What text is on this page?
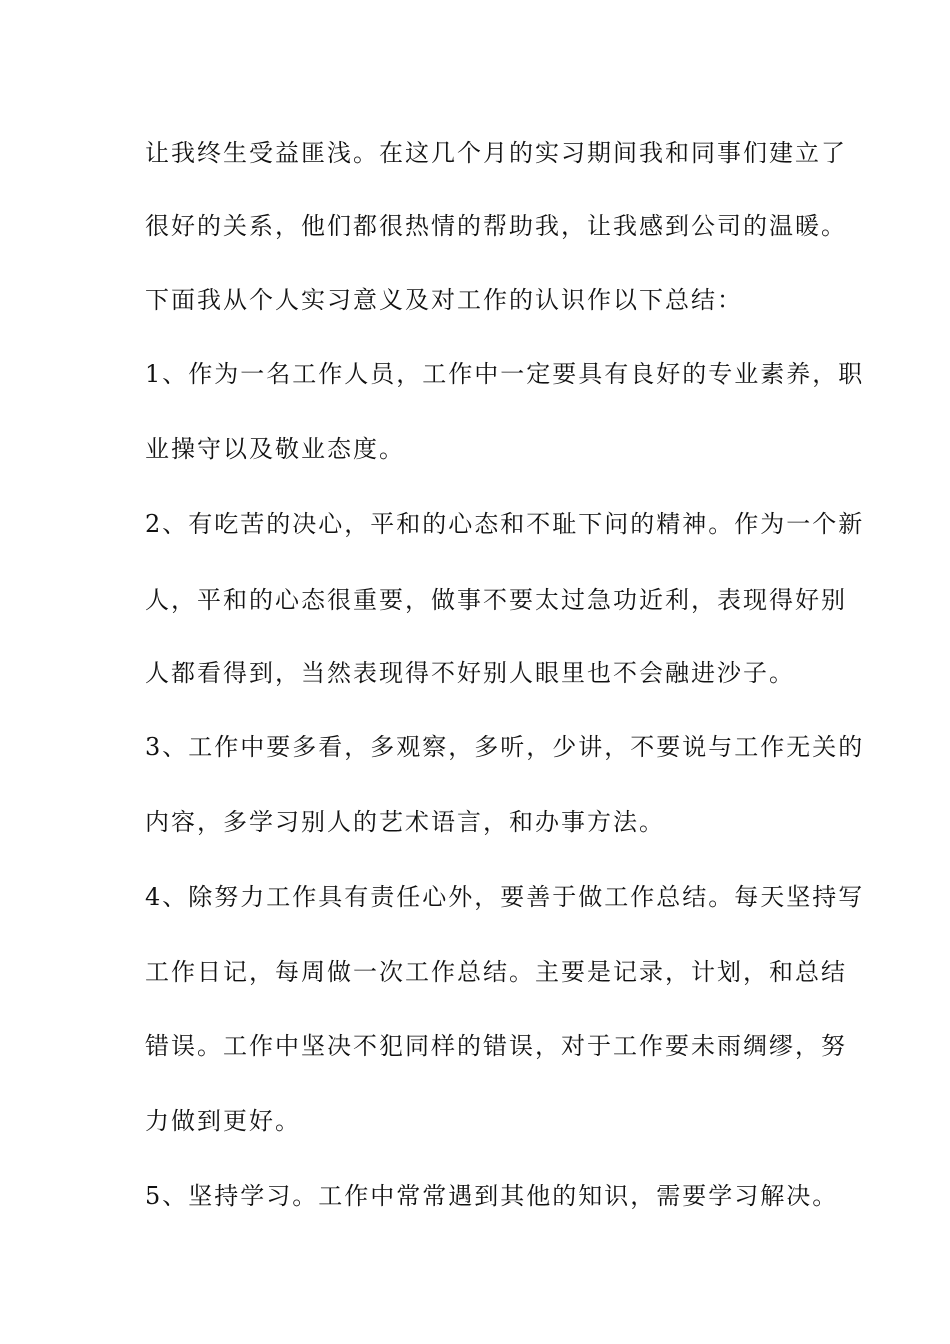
让我终生受益匪浅。在这几个月的实习期间我和同事们建立了
很好的关系，他们都很热情的帮助我，让我感到公司的温暖。
下面我从个人实习意义及对工作的认识作以下总结：
1、作为一名工作人员，工作中一定要具有良好的专业素养，职
业操守以及敬业态度。
2、有吃苦的决心，平和的心态和不耻下问的精神。作为一个新
人，平和的心态很重要，做事不要太过急功近利，表现得好别
人都看得到，当然表现得不好别人眼里也不会融进沙子。
3、工作中要多看，多观察，多听，少讲，不要说与工作无关的
内容，多学习别人的艺术语言，和办事方法。
4、除努力工作具有责任心外，要善于做工作总结。每天坚持写
工作日记，每周做一次工作总结。主要是记录，计划，和总结
错误。工作中坚决不犯同样的错误，对于工作要未雨绸缪，努
力做到更好。
5、坚持学习。工作中常常遇到其他的知识，需要学习解决。
